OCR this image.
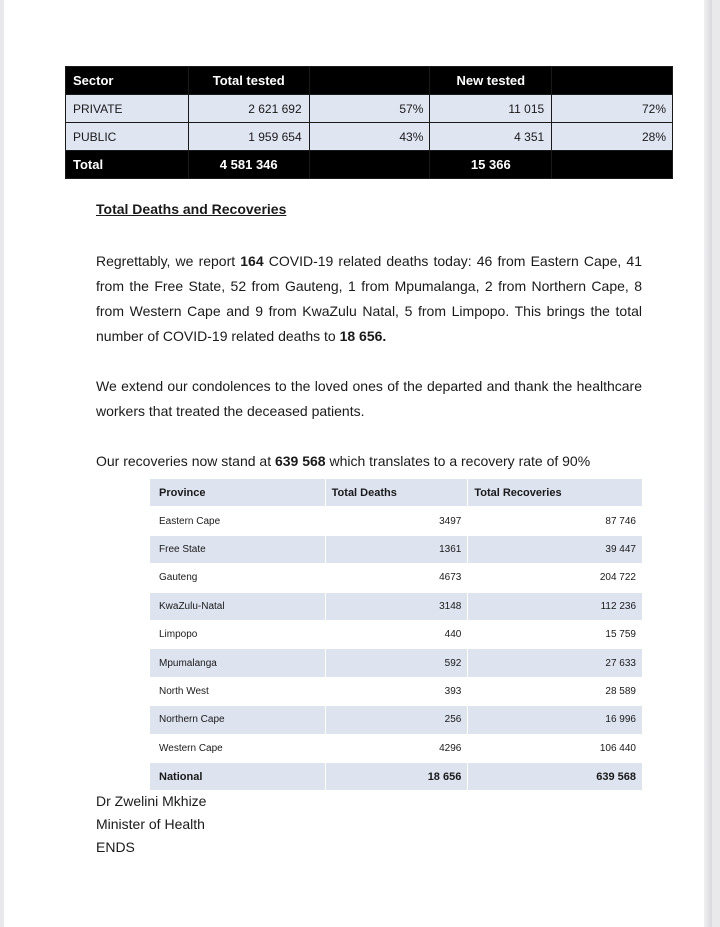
Sector	Total tested		New tested	
PRIVATE	2 621 692	57%	11 015	72%
PUBLIC	1 959 654	43%	4 351	28%
Total	4 581 346		15 366	
Total Deaths and Recoveries
Regrettably, we report 164 COVID-19 related deaths today: 46 from Eastern Cape, 41 from the Free State, 52 from Gauteng, 1 from Mpumalanga, 2 from Northern Cape, 8 from Western Cape and 9 from KwaZulu Natal, 5 from Limpopo. This brings the total number of COVID-19 related deaths to 18 656.
We extend our condolences to the loved ones of the departed and thank the healthcare workers that treated the deceased patients.
Our recoveries now stand at 639 568 which translates to a recovery rate of 90%
Province	Total Deaths	Total Recoveries
Eastern Cape	3497	87 746
Free State	1361	39 447
Gauteng	4673	204 722
KwaZulu-Natal	3148	112 236
Limpopo	440	15 759
Mpumalanga	592	27 633
North West	393	28 589
Northern Cape	256	16 996
Western Cape	4296	106 440
National	18 656	639 568
Dr Zwelini Mkhize
Minister of Health
ENDS
